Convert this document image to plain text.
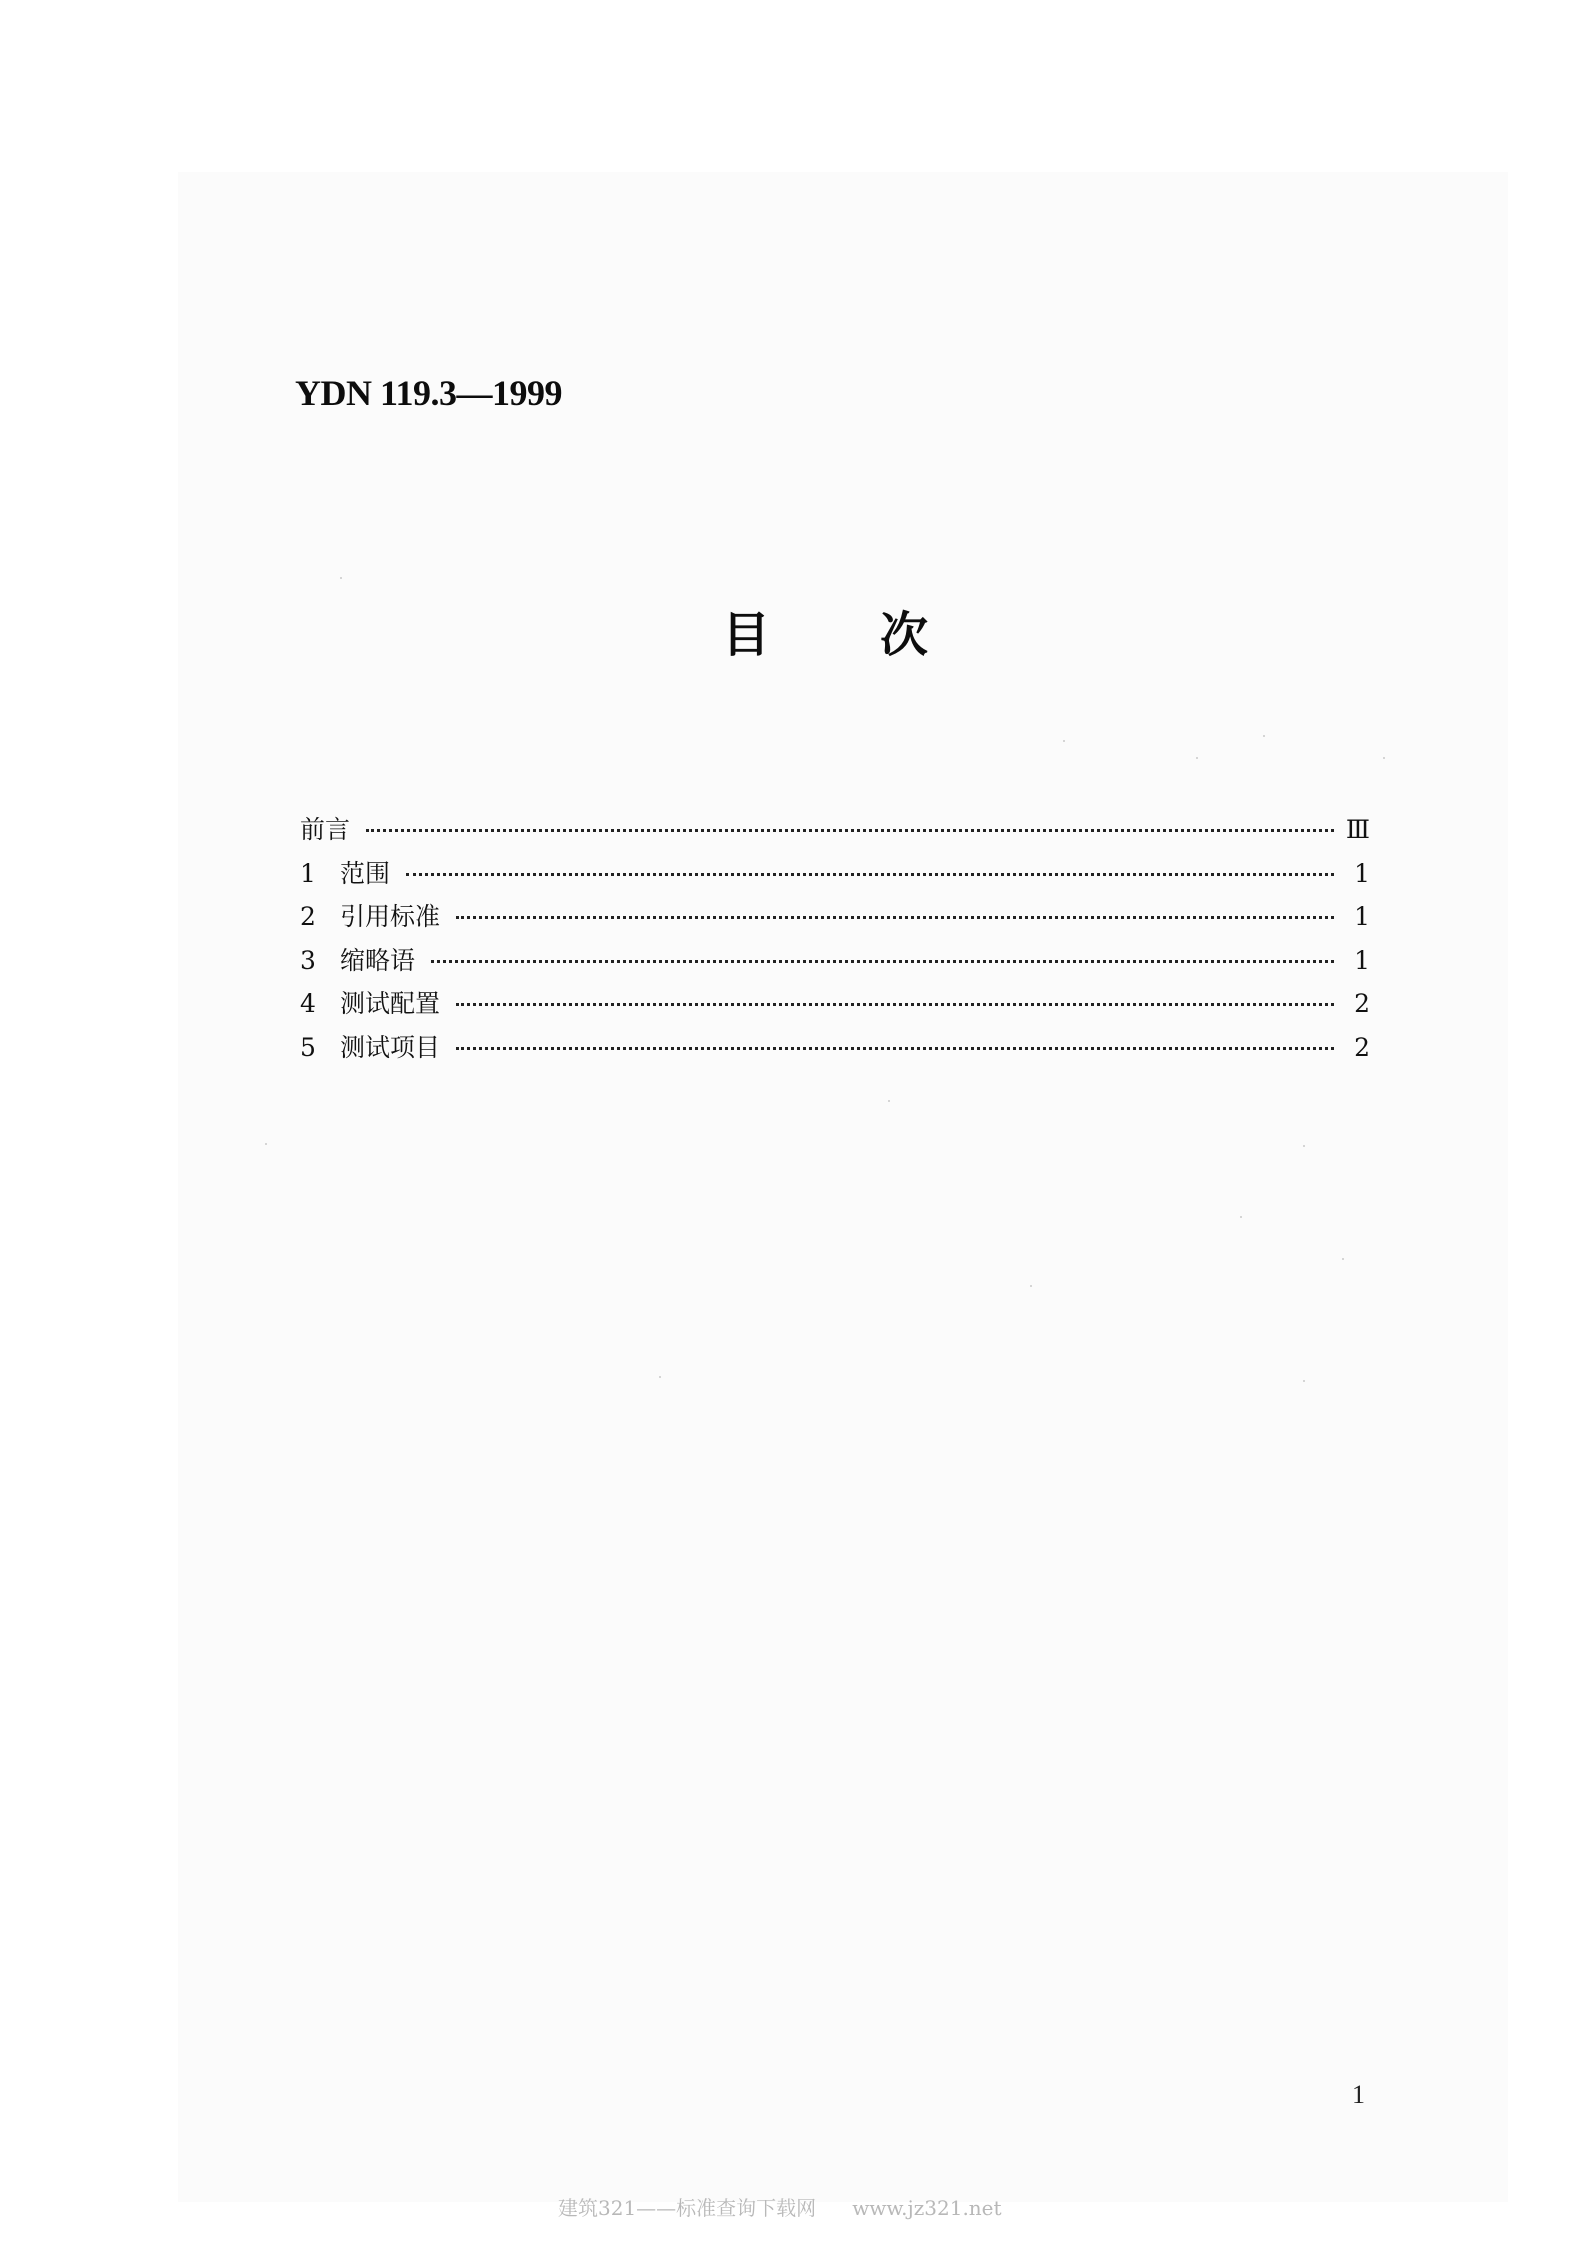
YDN 119.3—1999
目次
前言	Ⅲ
1 范围	1
2 引用标准	1
3 缩略语	1
4 测试配置	2
5 测试项目	2
1
建筑321——标准查询下载网 www.jz321.net
